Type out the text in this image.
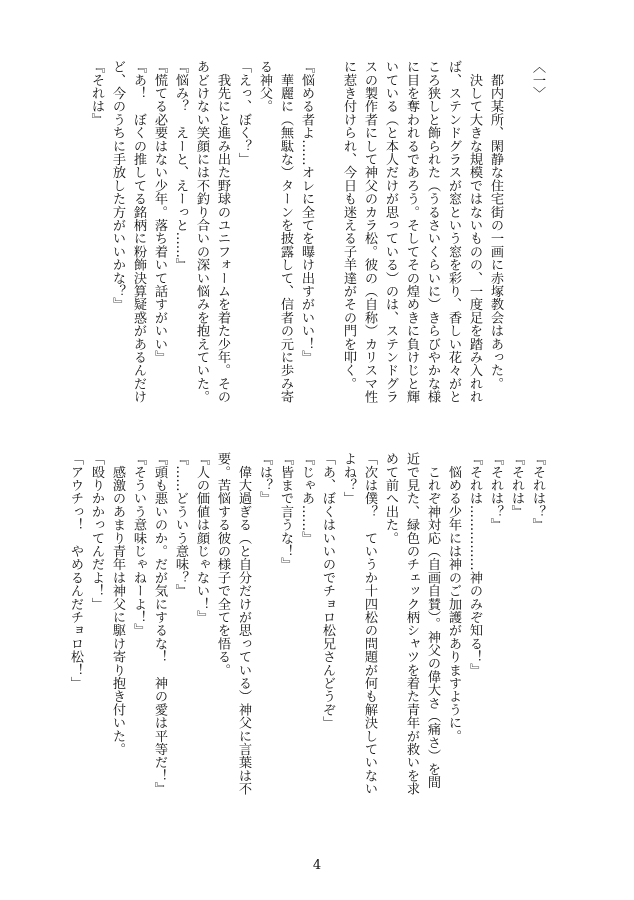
〈一〉

　都内某所、閑静な住宅街の一画に赤塚教会はあった。
　決して大きな規模ではないものの、一度足を踏み入れれ
ば、ステンドグラスが窓という窓を彩り、香しい花々がと
ころ狭しと飾られた（うるさいくらいに）きらびやかな様
に目を奪われるであろう。そしてその煌めきに負けじと輝
いている（と本人だけが思っている）のは、ステンドグラ
スの製作者にして神父のカラ松。彼の（自称）カリスマ性
に惹き付けられ、今日も迷える子羊達がその門を叩く。

『悩める者よ……オレに全てを曝け出すがいい！』
　華麗に（無駄な）ターンを披露して、信者の元に歩み寄
る神父。
「えっ、ぼく？」
　我先にと進み出た野球のユニフォームを着た少年。その
あどけない笑顔には不釣り合いの深い悩みを抱えていた。
『悩み？　えーと、えーっと……』
『慌てる必要はない少年。落ち着いて話すがいい』
『あ！　ぼくの推してる銘柄に粉飾決算疑惑があるんだけ
ど、今のうちに手放した方がいいかな？』
『それは』
『それは？』
『それは』
『それは？』
『それは……………神のみぞ知る！』
　悩める少年には神のご加護がありますように。
　これぞ神対応（自画自賛）。神父の偉大さ（痛さ）を間
近で見た、緑色のチェック柄シャツを着た青年が救いを求
めて前へ出た。
「次は僕？　ていうか十四松の問題が何も解決していない
よね？」
「あ、ぼくはいいのでチョロ松兄さんどうぞ」
『じゃあ……』
『皆まで言うな！』
『は？』
　偉大過ぎる（と自分だけが思っている）神父に言葉は不
要。苦悩する彼の様子で全てを悟る。
『人の価値は顔じゃない！』
『……どういう意味？』
『頭も悪いのか。だが気にするな！　神の愛は平等だ！』
『そういう意味じゃねーよ！』
　感激のあまり青年は神父に駆け寄り抱き付いた。
「殴りかかってんだよ！」
「アウチっ！　やめるんだチョロ松！」
4
